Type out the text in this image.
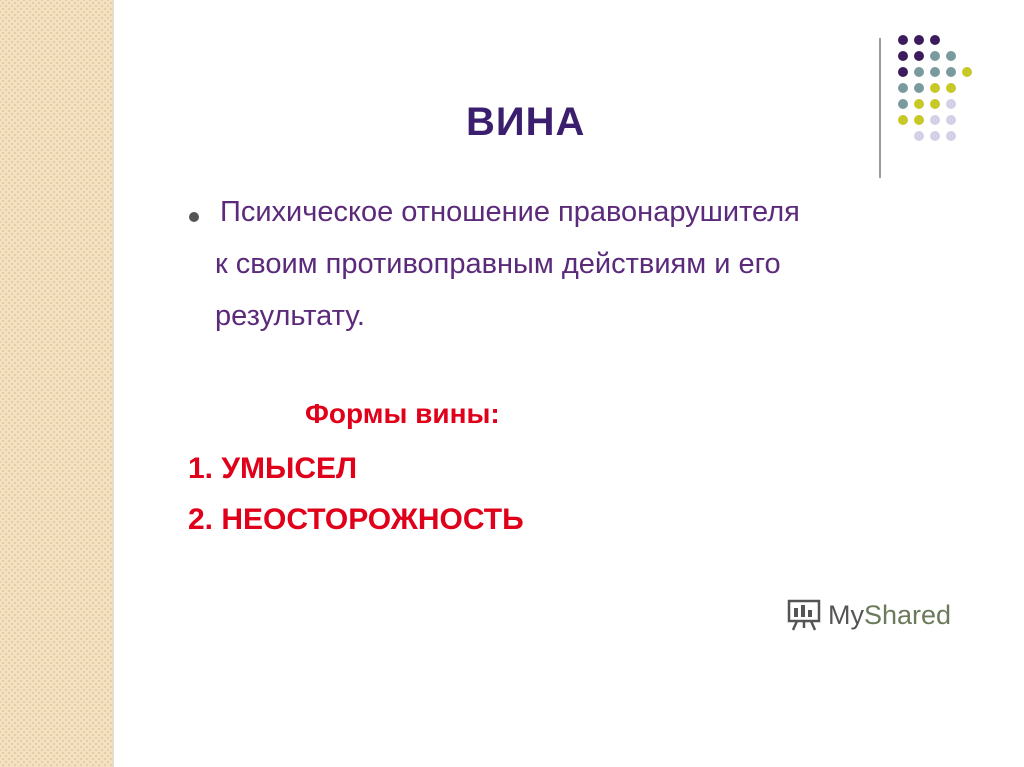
ВИНА
Психическое отношение правонарушителя
к своим противоправным действиям и его
результату.
Формы вины:
1. УМЫСЕЛ
2. НЕОСТОРОЖНОСТЬ
MyShared
